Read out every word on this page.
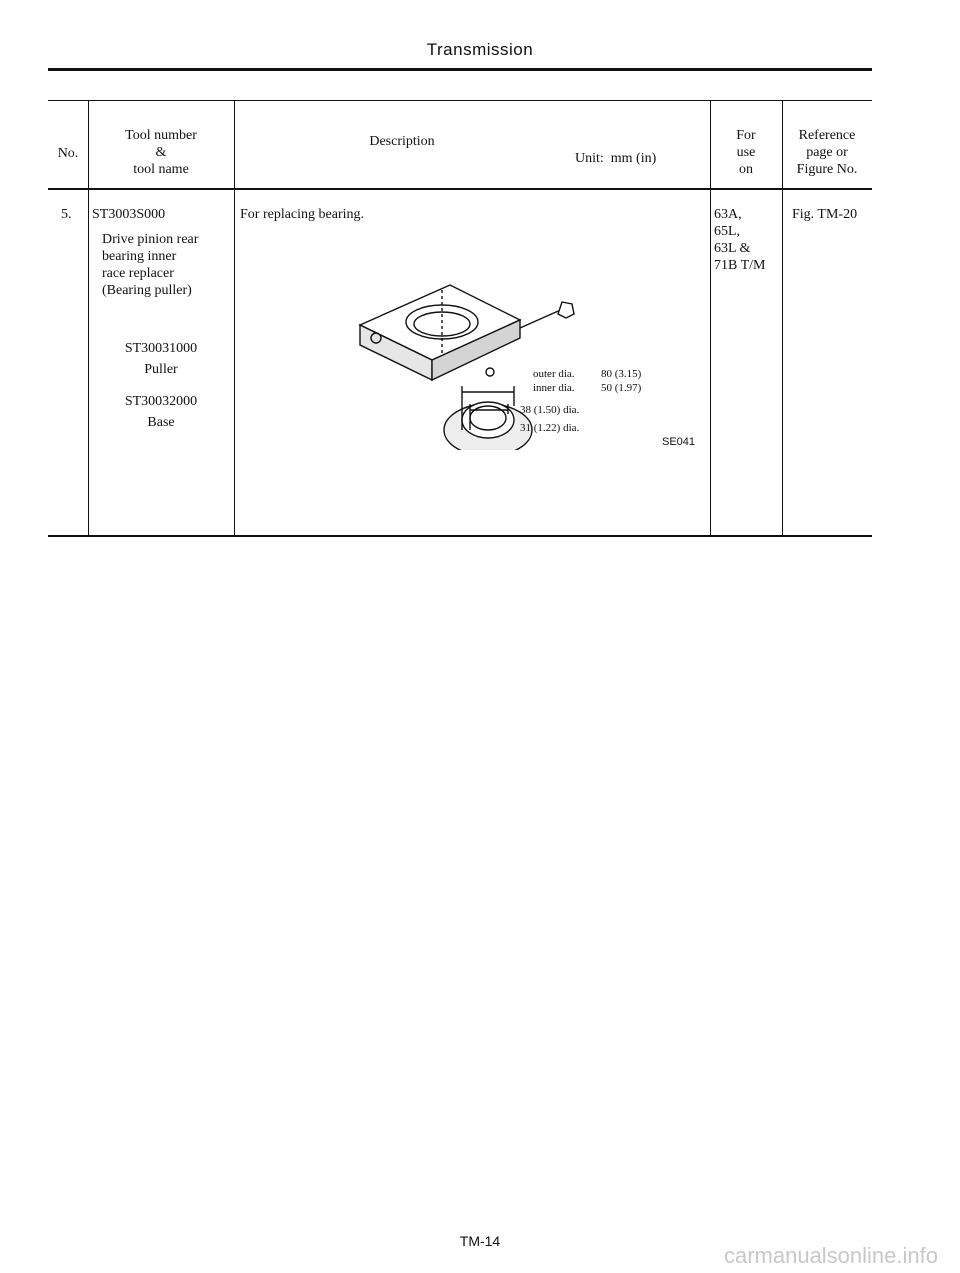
Transmission
No.
Tool number
&
tool name
Description
Unit:  mm (in)
For
use
on
Reference
page or
Figure No.
5. ST3003S000
Drive pinion rear
bearing inner
race replacer
(Bearing puller)
ST30031000
Puller
ST30032000
Base
For replacing bearing.	63A,
65L,
63L &
71B T/M
Fig. TM-20
outer dia. 80 (3.15)
inner dia. 50 (1.97)
38 (1.50) dia.
31 (1.22) dia.
SE041
TM-14
carmanualsonline.info
